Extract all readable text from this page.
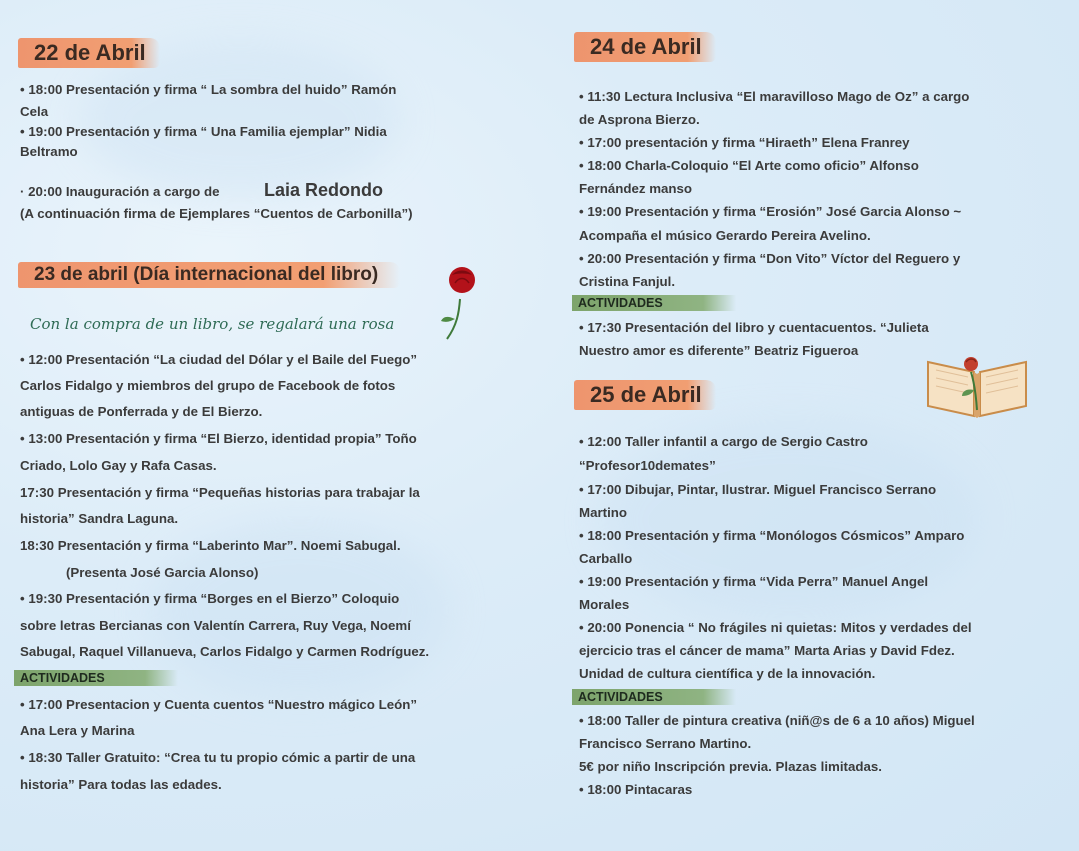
22 de Abril
• 18:00 Presentación y firma “ La sombra del huido” Ramón
Cela
• 19:00 Presentación y firma “ Una Familia ejemplar” Nidia
Beltramo
· 20:00 Inauguración a cargo de Laia Redondo
(A continuación firma de Ejemplares “Cuentos de Carbonilla”)
23 de abril (Día internacional del libro)
Con la compra de un libro, se regalará una rosa
• 12:00 Presentación “La ciudad del Dólar y el Baile del Fuego”
Carlos Fidalgo y miembros del grupo de Facebook de fotos
antiguas de Ponferrada y de El Bierzo.
• 13:00 Presentación y firma “El Bierzo, identidad propia” Toño
Criado, Lolo Gay y Rafa Casas.
17:30 Presentación y firma “Pequeñas historias para trabajar la
historia” Sandra Laguna.
18:30 Presentación y firma “Laberinto Mar”. Noemi Sabugal.
(Presenta José Garcia Alonso)
• 19:30 Presentación y firma “Borges en el Bierzo” Coloquio
sobre letras Bercianas con Valentín Carrera, Ruy Vega, Noemí
Sabugal, Raquel Villanueva, Carlos Fidalgo y Carmen Rodríguez.
ACTIVIDADES
• 17:00 Presentacion y Cuenta cuentos “Nuestro mágico León”
Ana Lera y Marina
• 18:30 Taller Gratuito: “Crea tu tu propio cómic a partir de una
historia” Para todas las edades.
24 de Abril
• 11:30 Lectura Inclusiva “El maravilloso Mago de Oz” a cargo
de Asprona Bierzo.
• 17:00 presentación y firma “Hiraeth” Elena Franrey
• 18:00 Charla-Coloquio “El Arte como oficio” Alfonso
Fernández manso
• 19:00 Presentación y firma “Erosión” José Garcia Alonso ~
Acompaña el músico Gerardo Pereira Avelino.
• 20:00 Presentación y firma “Don Vito” Víctor del Reguero y
Cristina Fanjul.
ACTIVIDADES
• 17:30 Presentación del libro y cuentacuentos. “Julieta
Nuestro amor es diferente” Beatriz Figueroa
25 de Abril
• 12:00 Taller infantil a cargo de Sergio Castro
“Profesor10demates”
• 17:00 Dibujar, Pintar, Ilustrar. Miguel Francisco Serrano
Martino
• 18:00 Presentación y firma “Monólogos Cósmicos” Amparo
Carballo
• 19:00 Presentación y firma “Vida Perra” Manuel Angel
Morales
• 20:00 Ponencia “ No frágiles ni quietas: Mitos y verdades del
ejercicio tras el cáncer de mama” Marta Arias y David Fdez.
Unidad de cultura científica y de la innovación.
ACTIVIDADES
• 18:00 Taller de pintura creativa (niñ@s de 6 a 10 años) Miguel
Francisco Serrano Martino.
5€ por niño Inscripción previa. Plazas limitadas.
• 18:00 Pintacaras
